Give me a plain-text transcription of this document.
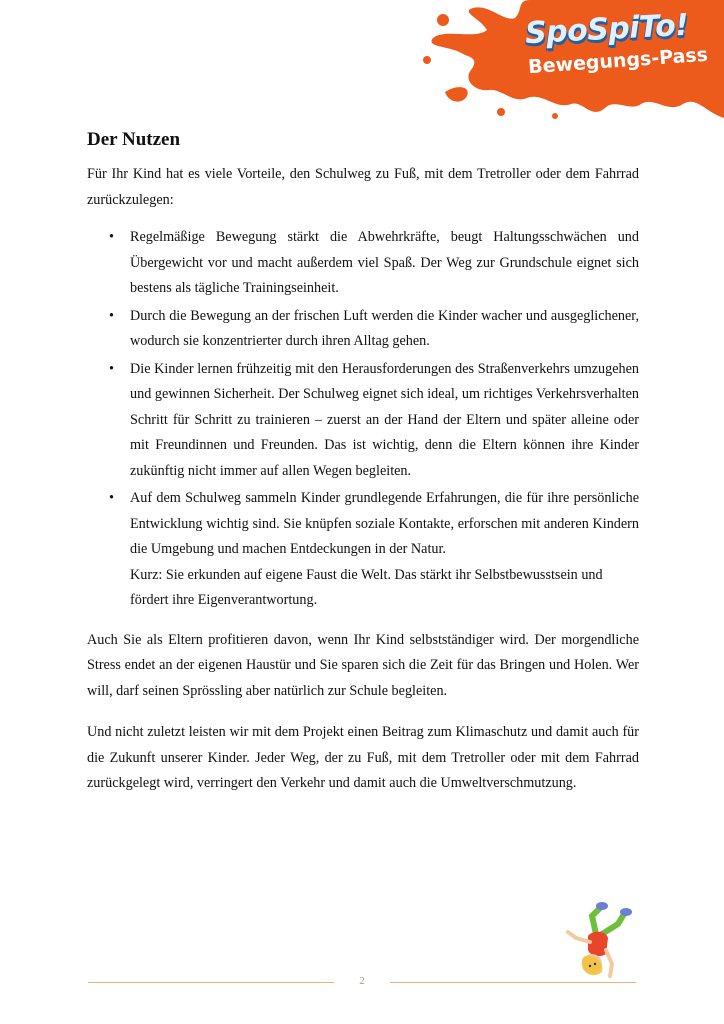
SpoSpiTo!
Bewegungs-Pass
Der Nutzen

Für Ihr Kind hat es viele Vorteile, den Schulweg zu Fuß, mit dem Tretroller oder dem Fahrrad zurückzulegen:

• Regelmäßige Bewegung stärkt die Abwehrkräfte, beugt Haltungsschwächen und Übergewicht vor und macht außerdem viel Spaß. Der Weg zur Grundschule eignet sich bestens als tägliche Trainingseinheit.
• Durch die Bewegung an der frischen Luft werden die Kinder wacher und ausgeglichener, wodurch sie konzentrierter durch ihren Alltag gehen.
• Die Kinder lernen frühzeitig mit den Herausforderungen des Straßenverkehrs umzugehen und gewinnen Sicherheit. Der Schulweg eignet sich ideal, um richtiges Verkehrsverhalten Schritt für Schritt zu trainieren – zuerst an der Hand der Eltern und später alleine oder mit Freundinnen und Freunden. Das ist wichtig, denn die Eltern können ihre Kinder zukünftig nicht immer auf allen Wegen begleiten.
• Auf dem Schulweg sammeln Kinder grundlegende Erfahrungen, die für ihre persönliche Entwicklung wichtig sind. Sie knüpfen soziale Kontakte, erforschen mit anderen Kindern die Umgebung und machen Entdeckungen in der Natur.
Kurz: Sie erkunden auf eigene Faust die Welt. Das stärkt ihr Selbstbewusstsein und fördert ihre Eigenverantwortung.

Auch Sie als Eltern profitieren davon, wenn Ihr Kind selbstständiger wird. Der morgendliche Stress endet an der eigenen Haustür und Sie sparen sich die Zeit für das Bringen und Holen. Wer will, darf seinen Sprössling aber natürlich zur Schule begleiten.

Und nicht zuletzt leisten wir mit dem Projekt einen Beitrag zum Klimaschutz und damit auch für die Zukunft unserer Kinder. Jeder Weg, der zu Fuß, mit dem Tretroller oder mit dem Fahrrad zurückgelegt wird, verringert den Verkehr und damit auch die Umweltverschmutzung.

2
